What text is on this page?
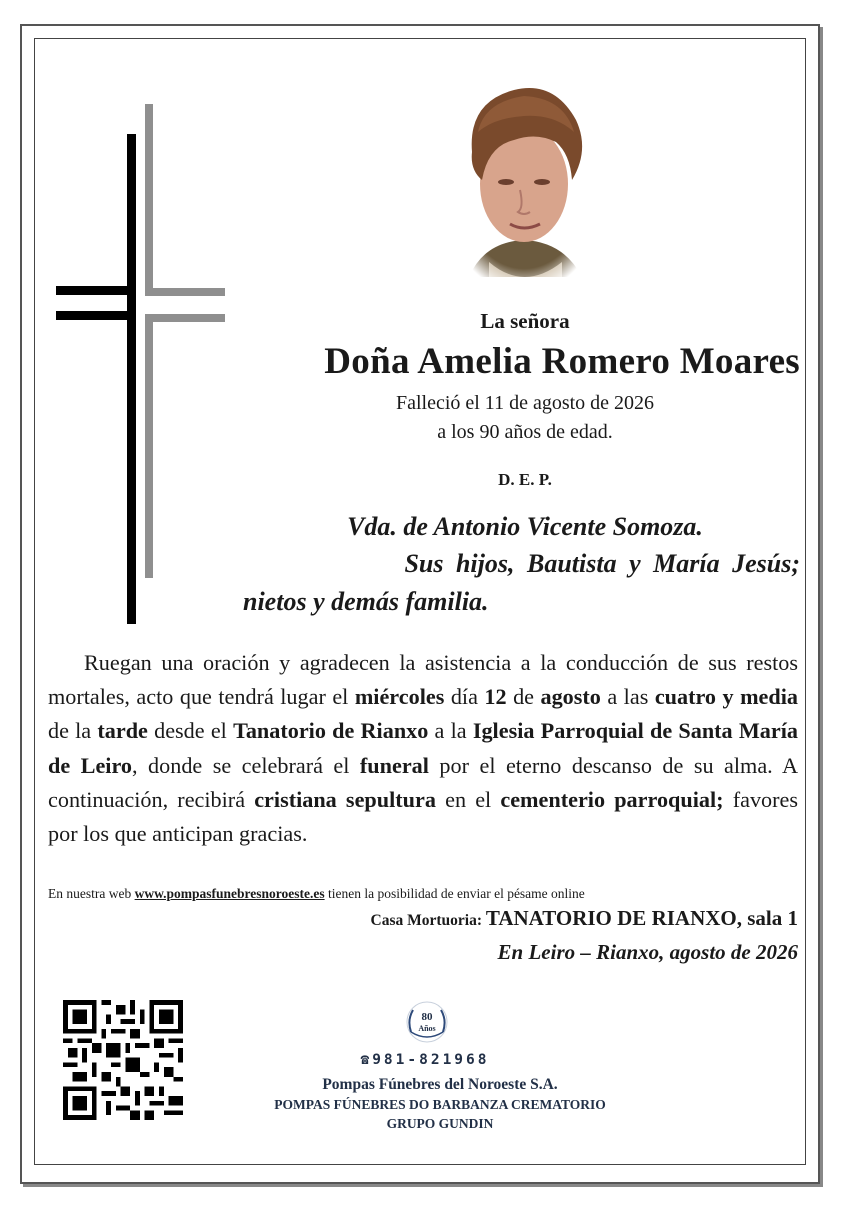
La señora
Doña Amelia Romero Moares
Falleció el 11 de agosto de 2026
a los 90 años de edad.
D. E. P.
Vda. de Antonio Vicente Somoza.
Sus hijos, Bautista y María Jesús;
nietos y demás familia.
Ruegan una oración y agradecen la asistencia a la conducción de sus restos mortales, acto que tendrá lugar el miércoles día 12 de agosto a las cuatro y media de la tarde desde el Tanatorio de Rianxo a la Iglesia Parroquial de Santa María de Leiro, donde se celebrará el funeral por el eterno descanso de su alma. A continuación, recibirá cristiana sepultura en el cementerio parroquial; favores por los que anticipan gracias.
En nuestra web www.pompasfunebresnoroeste.es tienen la posibilidad de enviar el pésame online
Casa Mortuoria: TANATORIO DE RIANXO, sala 1
En Leiro – Rianxo, agosto de 2026
80
Años
☎981-821968
Pompas Fúnebres del Noroeste S.A.
POMPAS FÚNEBRES DO BARBANZA CREMATORIO
GRUPO GUNDIN
